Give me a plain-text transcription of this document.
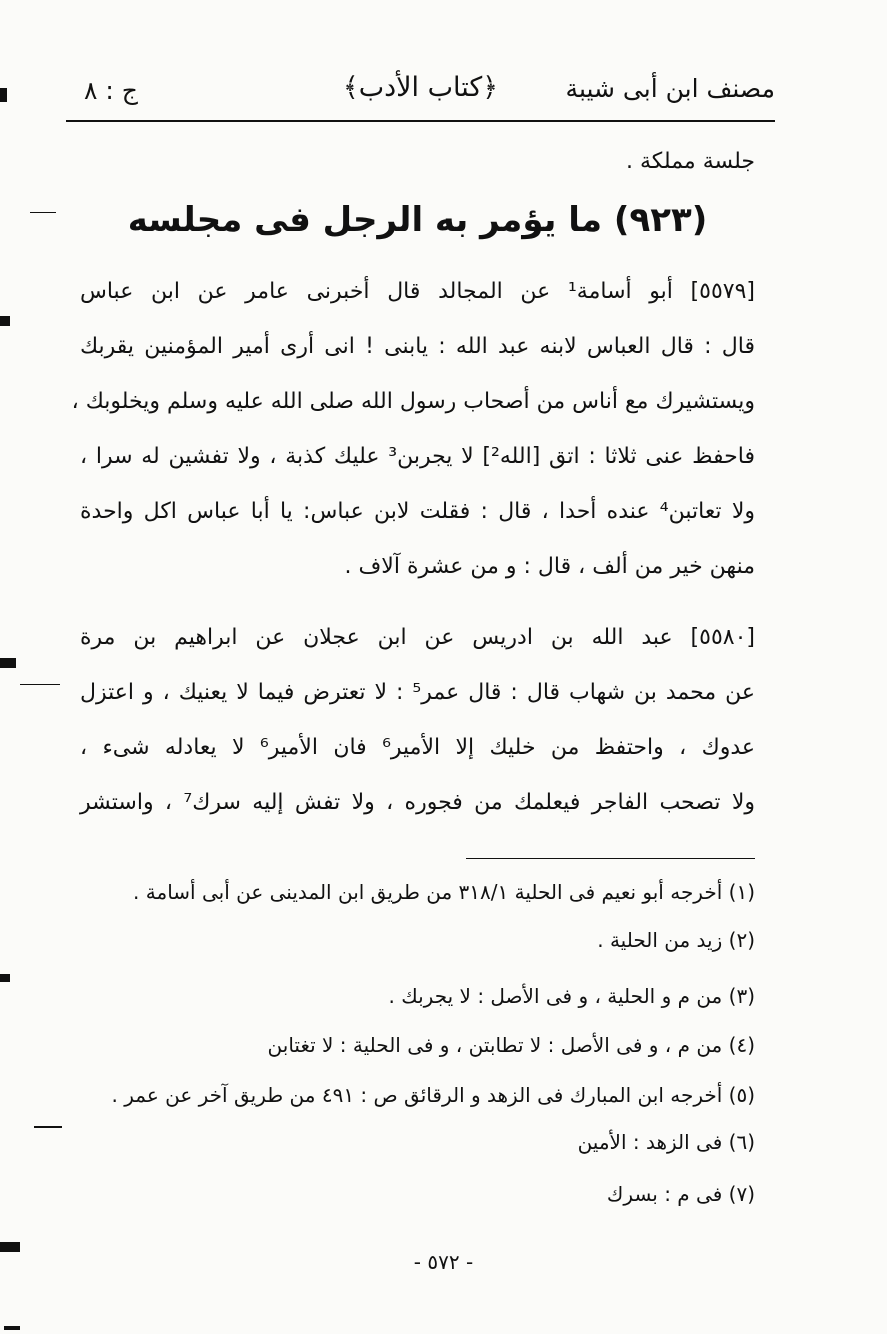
مصنف ابن أبى شيبة
﴿كتاب الأدب﴾
ج : ٨
جلسة مملكة .
(٩٢٣) ما يؤمر به الرجل فى مجلسه
[٥٥٧٩] أبو أسامة¹ عن المجالد قال أخبرنى عامر عن ابن عباس
قال : قال العباس لابنه عبد الله : يابنى ! انى أرى أمير المؤمنين يقربك
ويستشيرك مع أناس من أصحاب رسول الله صلى الله عليه وسلم ويخلوبك ،
فاحفظ عنى ثلاثا : اتق [الله²] لا يجربن³ عليك كذبة ، ولا تفشين له سرا ،
ولا تعاتبن⁴ عنده أحدا ، قال : فقلت لابن عباس: يا أبا عباس اكل واحدة
منهن خير من ألف ، قال : و من عشرة آلاف .
[٥٥٨٠] عبد الله بن ادريس عن ابن عجلان عن ابراهيم بن مرة
عن محمد بن شهاب قال : قال عمر⁵ : لا تعترض فيما لا يعنيك ، و اعتزل
عدوك ، واحتفظ من خليك إلا الأمير⁶ فان الأمير⁶ لا يعادله شىء ،
ولا تصحب الفاجر فيعلمك من فجوره ، ولا تفش إليه سرك⁷ ، واستشر
(١) أخرجه أبو نعيم فى الحلية ٣١٨/١ من طريق ابن المدينى عن أبى أسامة .
(٢) زيد من الحلية .
(٣) من م و الحلية ، و فى الأصل : لا يجربك .
(٤) من م ، و فى الأصل : لا تطابتن ، و فى الحلية : لا تغتابن
(٥) أخرجه ابن المبارك فى الزهد و الرقائق ص : ٤٩١ من طريق آخر عن عمر .
(٦) فى الزهد : الأمين
(٧) فى م : بسرك
- ٥٧٢ -
